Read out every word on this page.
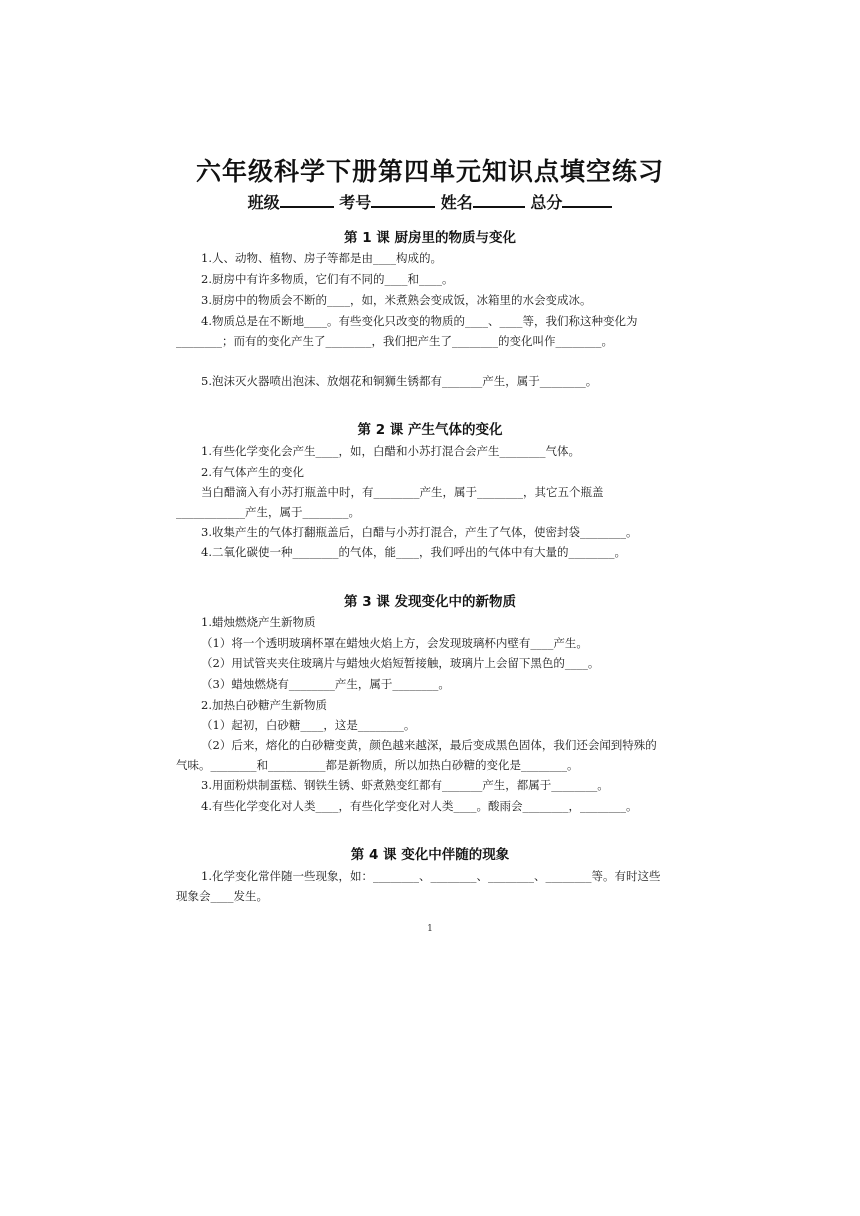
六年级科学下册第四单元知识点填空练习
班级	考号	姓名	总分
第 1 课 厨房里的物质与变化
1.人、动物、植物、房子等都是由____构成的。
2.厨房中有许多物质，它们有不同的____和____。
3.厨房中的物质会不断的____，如，米煮熟会变成饭，冰箱里的水会变成冰。
4.物质总是在不断地____。有些变化只改变的物质的____、____等，我们称这种变化为
________；而有的变化产生了________，我们把产生了________的变化叫作________。
5.泡沫灭火器喷出泡沫、放烟花和铜狮生锈都有_______产生，属于________。
第 2 课 产生气体的变化
1.有些化学变化会产生____，如，白醋和小苏打混合会产生________气体。
2.有气体产生的变化
当白醋滴入有小苏打瓶盖中时，有________产生，属于________，其它五个瓶盖
____________产生，属于________。
3.收集产生的气体打翻瓶盖后，白醋与小苏打混合，产生了气体，使密封袋________。
4.二氧化碳使一种________的气体，能____，我们呼出的气体中有大量的________。
第 3 课 发现变化中的新物质
1.蜡烛燃烧产生新物质
（1）将一个透明玻璃杯罩在蜡烛火焰上方，会发现玻璃杯内壁有____产生。
（2）用试管夹夹住玻璃片与蜡烛火焰短暂接触，玻璃片上会留下黑色的____。
（3）蜡烛燃烧有________产生，属于________。
2.加热白砂糖产生新物质
（1）起初，白砂糖____，这是________。
（2）后来，熔化的白砂糖变黄，颜色越来越深，最后变成黑色固体，我们还会闻到特殊的
气味。________和__________都是新物质，所以加热白砂糖的变化是________。
3.用面粉烘制蛋糕、钢铁生锈、虾煮熟变红都有_______产生，都属于________。
4.有些化学变化对人类____，有些化学变化对人类____。酸雨会________，________。
第 4 课 变化中伴随的现象
1.化学变化常伴随一些现象，如：________、________、________、________等。有时这些
现象会____发生。
1
